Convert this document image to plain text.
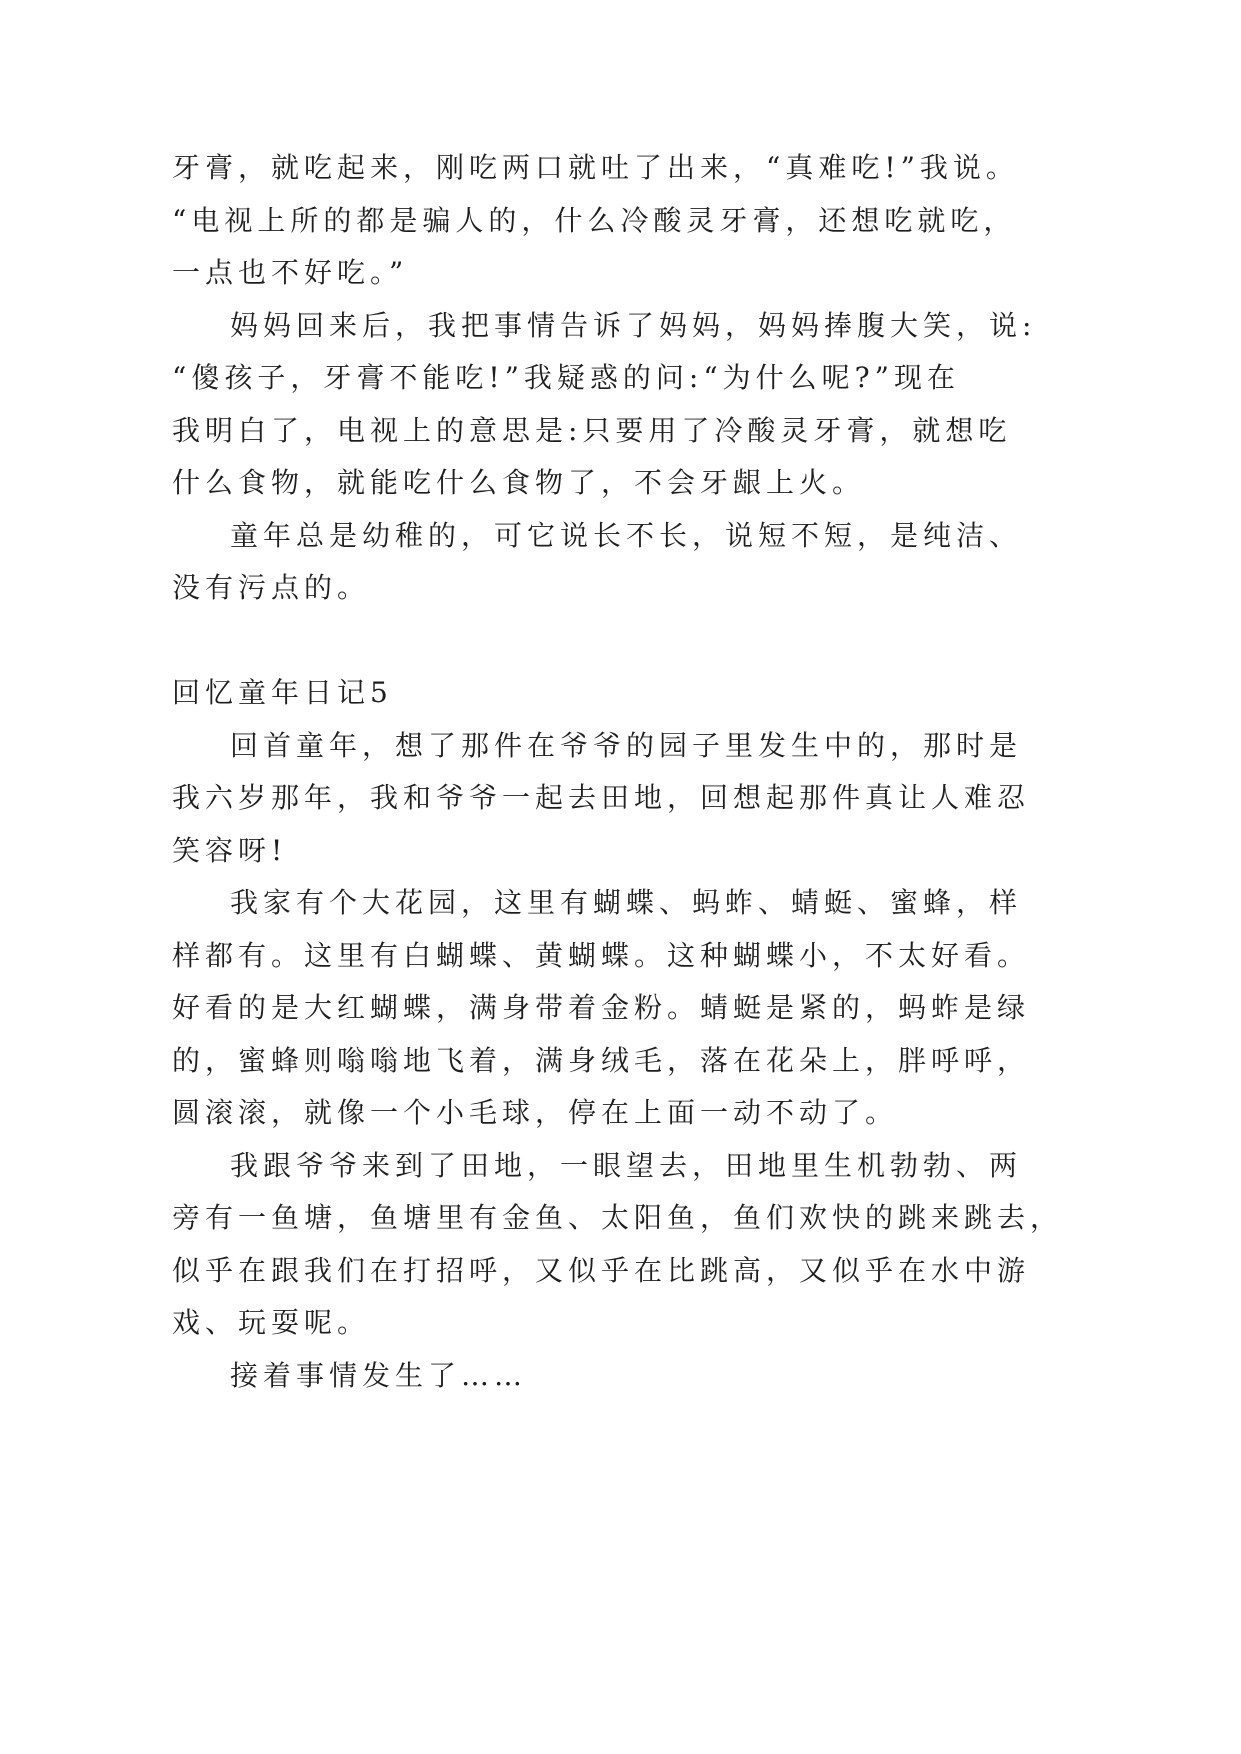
牙膏，就吃起来，刚吃两口就吐了出来，“真难吃!”我说。
“电视上所的都是骗人的，什么冷酸灵牙膏，还想吃就吃，
一点也不好吃。”
妈妈回来后，我把事情告诉了妈妈，妈妈捧腹大笑，说:
“傻孩子，牙膏不能吃!”我疑惑的问:“为什么呢?”现在
我明白了，电视上的意思是:只要用了冷酸灵牙膏，就想吃
什么食物，就能吃什么食物了，不会牙龈上火。
童年总是幼稚的，可它说长不长，说短不短，是纯洁、
没有污点的。
回忆童年日记5
回首童年，想了那件在爷爷的园子里发生中的，那时是
我六岁那年，我和爷爷一起去田地，回想起那件真让人难忍
笑容呀!
我家有个大花园，这里有蝴蝶、蚂蚱、蜻蜓、蜜蜂，样
样都有。这里有白蝴蝶、黄蝴蝶。这种蝴蝶小，不太好看。
好看的是大红蝴蝶，满身带着金粉。蜻蜓是紧的，蚂蚱是绿
的，蜜蜂则嗡嗡地飞着，满身绒毛，落在花朵上，胖呼呼，
圆滚滚，就像一个小毛球，停在上面一动不动了。
我跟爷爷来到了田地，一眼望去，田地里生机勃勃、两
旁有一鱼塘，鱼塘里有金鱼、太阳鱼，鱼们欢快的跳来跳去，
似乎在跟我们在打招呼，又似乎在比跳高，又似乎在水中游
戏、玩耍呢。
接着事情发生了……
